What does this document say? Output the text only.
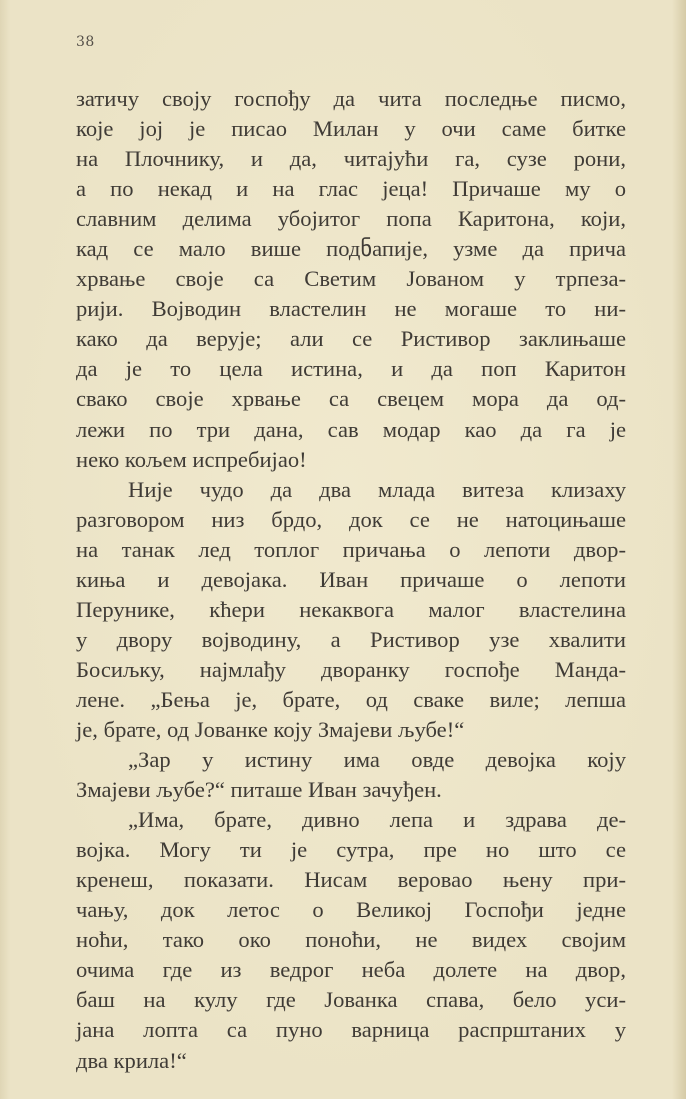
38

затичу своју госпођу да чита последње писмо,
које јој је писао Милан у очи саме битке
на Плочнику, и да, читајући га, сузе рони,
а по некад и на глас јеца! Причаше му о
славним делима убојитог попа Каритона, који,
кад се мало више подნапије, узме да прича
хрвање своје са Светим Јованом у трпеза-
рији. Војводин властелин не могаше то ни-
како да верује; али се Ристивор заклињаше
да је то цела истина, и да поп Каритон
свако своје хрвање са свецем мора да од-
лежи по три дана, сав модар као да га је
неко кољем испребијао!

Није чудо да два млада витеза клизаху
разговором низ брдо, док се не натоцињаше
на танак лед топлог причања о лепоти двор-
киња и девојака. Иван причаше о лепоти
Перунике, кћери некаквога малог властелина
у двору војводину, а Ристивор узе хвалити
Босиљку, најмлађу дворанку госпође Манда-
лене. „Бења је, брате, од сваке виле; лепша
је, брате, од Јованке коју Змајеви љубе!“

„Зар у истину има овде девојка коју
Змајеви љубе?“ питаше Иван зачуђен.

„Има, брате, дивно лепа и здрава де-
војка. Могу ти је сутра, пре но што се
кренеш, показати. Нисам веровао њену при-
чању, док летос о Великој Госпођи једне
ноћи, тако око поноћи, не видех својим
очима где из ведрог неба долете на двор,
баш на кулу где Јованка спава, бело уси-
јана лопта са пуно варница распрштаних у
два крила!“
